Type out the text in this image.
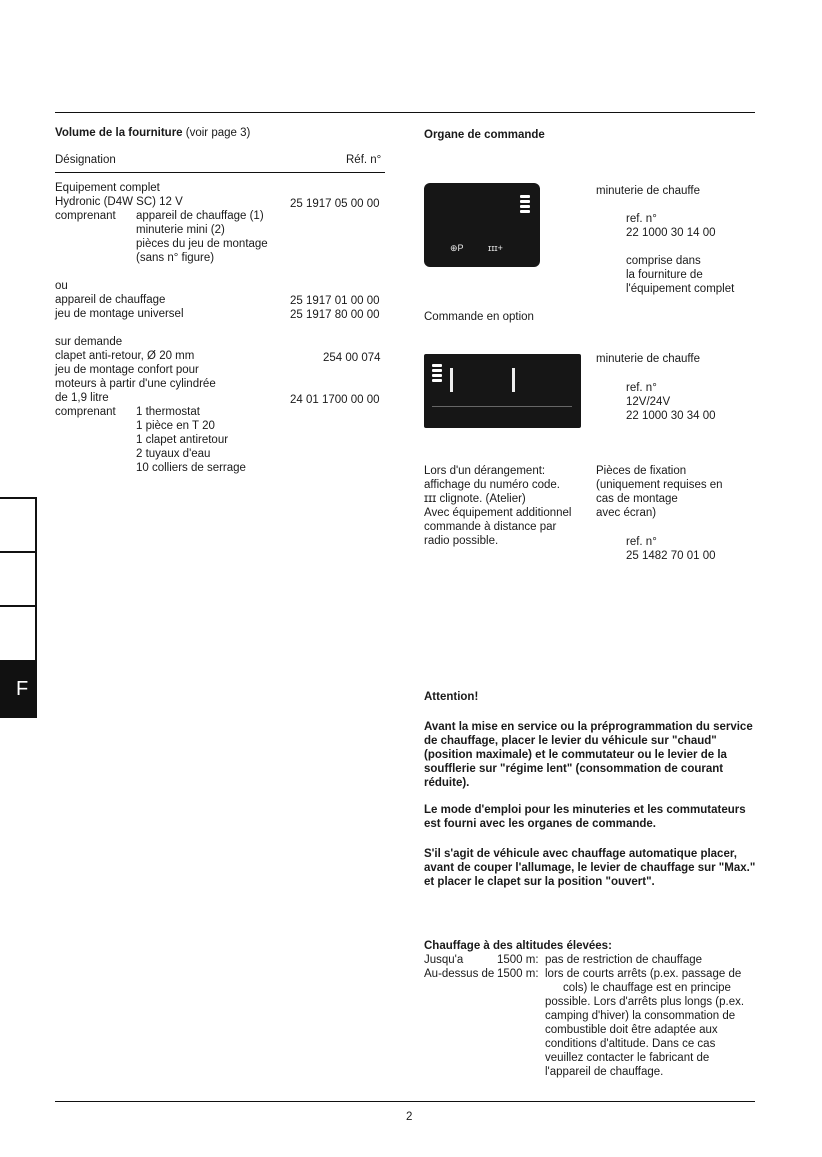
Volume de la fourniture (voir page 3)
Désignation	Réf. n°
Equipement complet
Hydronic (D4W SC) 12 V	25 1917 05 00 00
comprenant appareil de chauffage (1)
minuterie mini (2)
pièces du jeu de montage
(sans n° figure)
ou
appareil de chauffage	25 1917 01 00 00
jeu de montage universel	25 1917 80 00 00
sur demande
clapet anti-retour, Ø 20 mm	254 00 074
jeu de montage confort pour
moteurs à partir d'une cylindrée
de 1,9 litre	24 01 1700 00 00
comprenant 1 thermostat
1 pièce en T 20
1 clapet antiretour
2 tuyaux d'eau
10 colliers de serrage
F
Organe de commande
⊕P	ɪɪɪ+
minuterie de chauffe
ref. n°
22 1000 30 14 00
comprise dans
la fourniture de
l'équipement complet
Commande en option
minuterie de chauffe
ref. n°
12V/24V
22 1000 30 34 00
Lors d'un dérangement:
affichage du numéro code.
ɪɪɪ clignote. (Atelier)
Avec équipement additionnel
commande à distance par
radio possible.
Pièces de fixation
(uniquement requises en
cas de montage
avec écran)
ref. n°
25 1482 70 01 00
Attention!
Avant la mise en service ou la préprogrammation du service de chauffage, placer le levier du véhicule sur "chaud" (position maximale) et le commutateur ou le levier de la soufflerie sur "régime lent" (consommation de courant réduite).
Le mode d'emploi pour les minuteries et les commutateurs est fourni avec les organes de commande.
S'il s'agit de véhicule avec chauffage automatique placer, avant de couper l'allumage, le levier de chauffage sur "Max." et placer le clapet sur la position "ouvert".
Chauffage à des altitudes élevées:
Jusqu'a	1500 m: pas de restriction de chauffage
Au-dessus de 1500 m: lors de courts arrêts (p.ex. passage de
cols) le chauffage est en principe
possible. Lors d'arrêts plus longs (p.ex.
camping d'hiver) la consommation de
combustible doit être adaptée aux
conditions d'altitude. Dans ce cas
veuillez contacter le fabricant de
l'appareil de chauffage.
2
